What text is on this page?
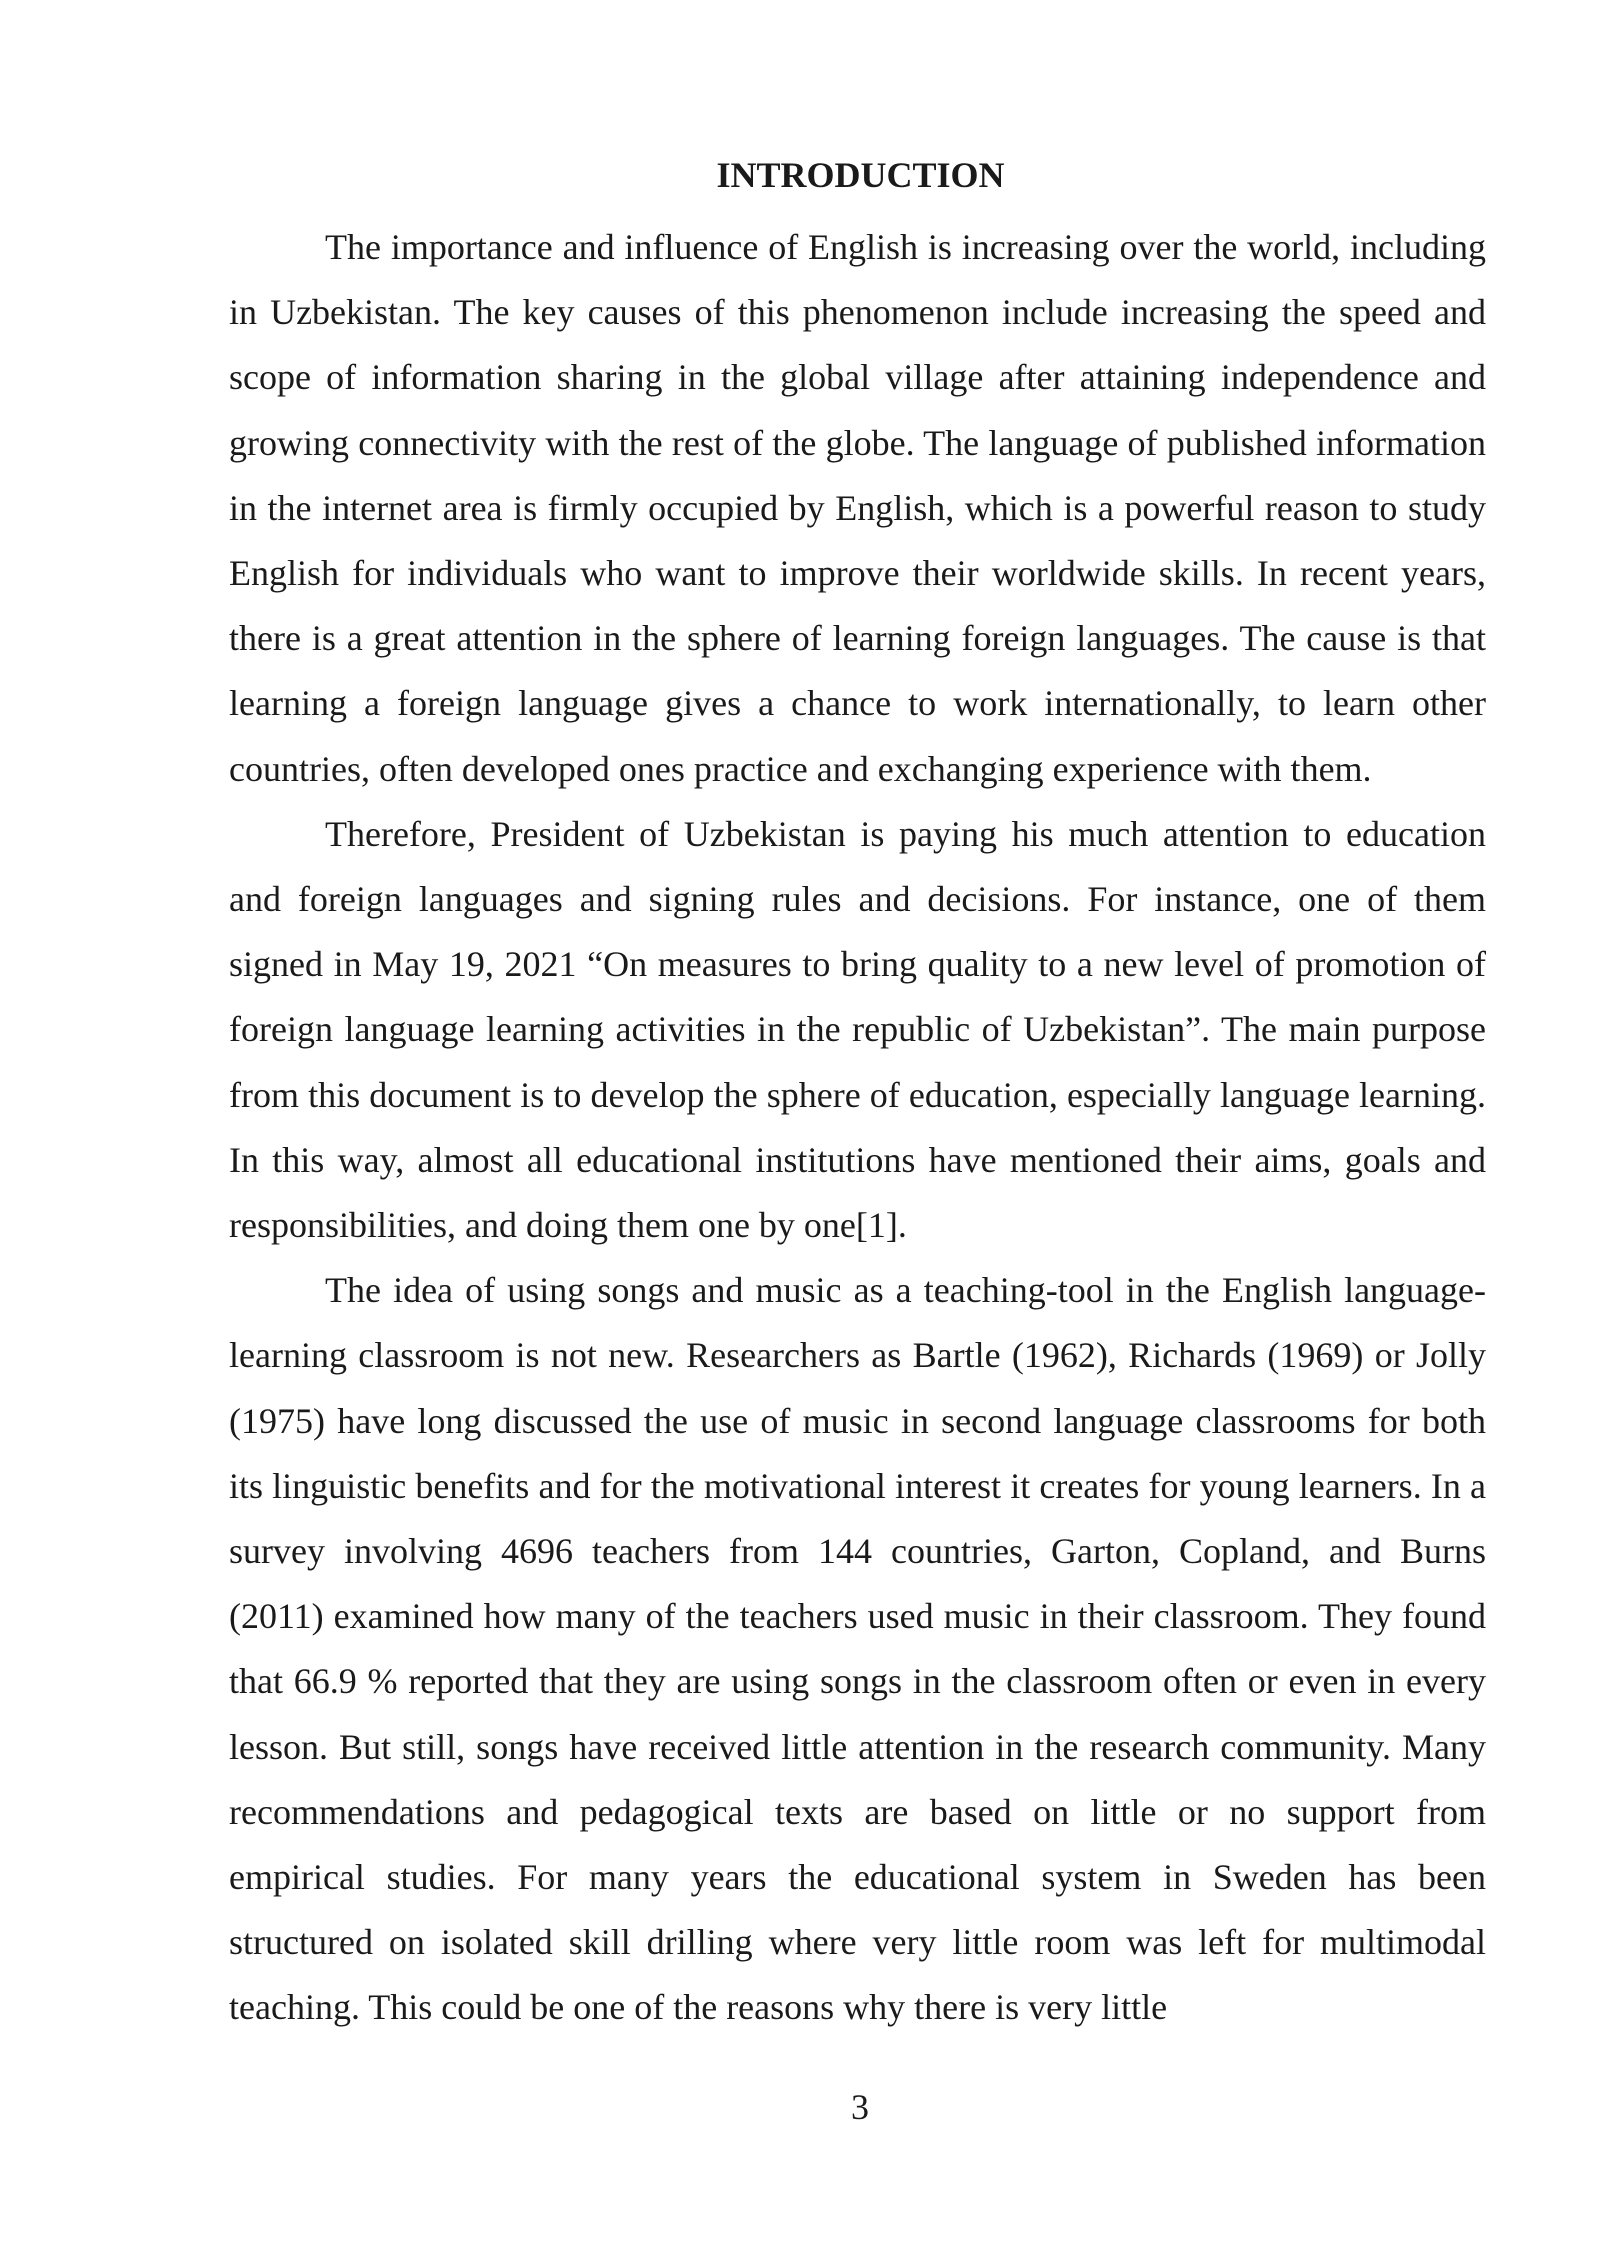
INTRODUCTION

The importance and influence of English is increasing over the world, including in Uzbekistan. The key causes of this phenomenon include increasing the speed and scope of information sharing in the global village after attaining independence and growing connectivity with the rest of the globe. The language of published information in the internet area is firmly occupied by English, which is a powerful reason to study English for individuals who want to improve their worldwide skills. In recent years, there is a great attention in the sphere of learning foreign languages. The cause is that learning a foreign language gives a chance to work internationally, to learn other countries, often developed ones practice and exchanging experience with them.

Therefore, President of Uzbekistan is paying his much attention to education and foreign languages and signing rules and decisions. For instance, one of them signed in May 19, 2021 “On measures to bring quality to a new level of promotion of foreign language learning activities in the republic of Uzbekistan”. The main purpose from this document is to develop the sphere of education, especially language learning. In this way, almost all educational institutions have mentioned their aims, goals and responsibilities, and doing them one by one[1].

The idea of using songs and music as a teaching-tool in the English language-learning classroom is not new. Researchers as Bartle (1962), Richards (1969) or Jolly (1975) have long discussed the use of music in second language classrooms for both its linguistic benefits and for the motivational interest it creates for young learners. In a survey involving 4696 teachers from 144 countries, Garton, Copland, and Burns (2011) examined how many of the teachers used music in their classroom. They found that 66.9 % reported that they are using songs in the classroom often or even in every lesson. But still, songs have received little attention in the research community. Many recommendations and pedagogical texts are based on little or no support from empirical studies. For many years the educational system in Sweden has been structured on isolated skill drilling where very little room was left for multimodal teaching. This could be one of the reasons why there is very little

3
